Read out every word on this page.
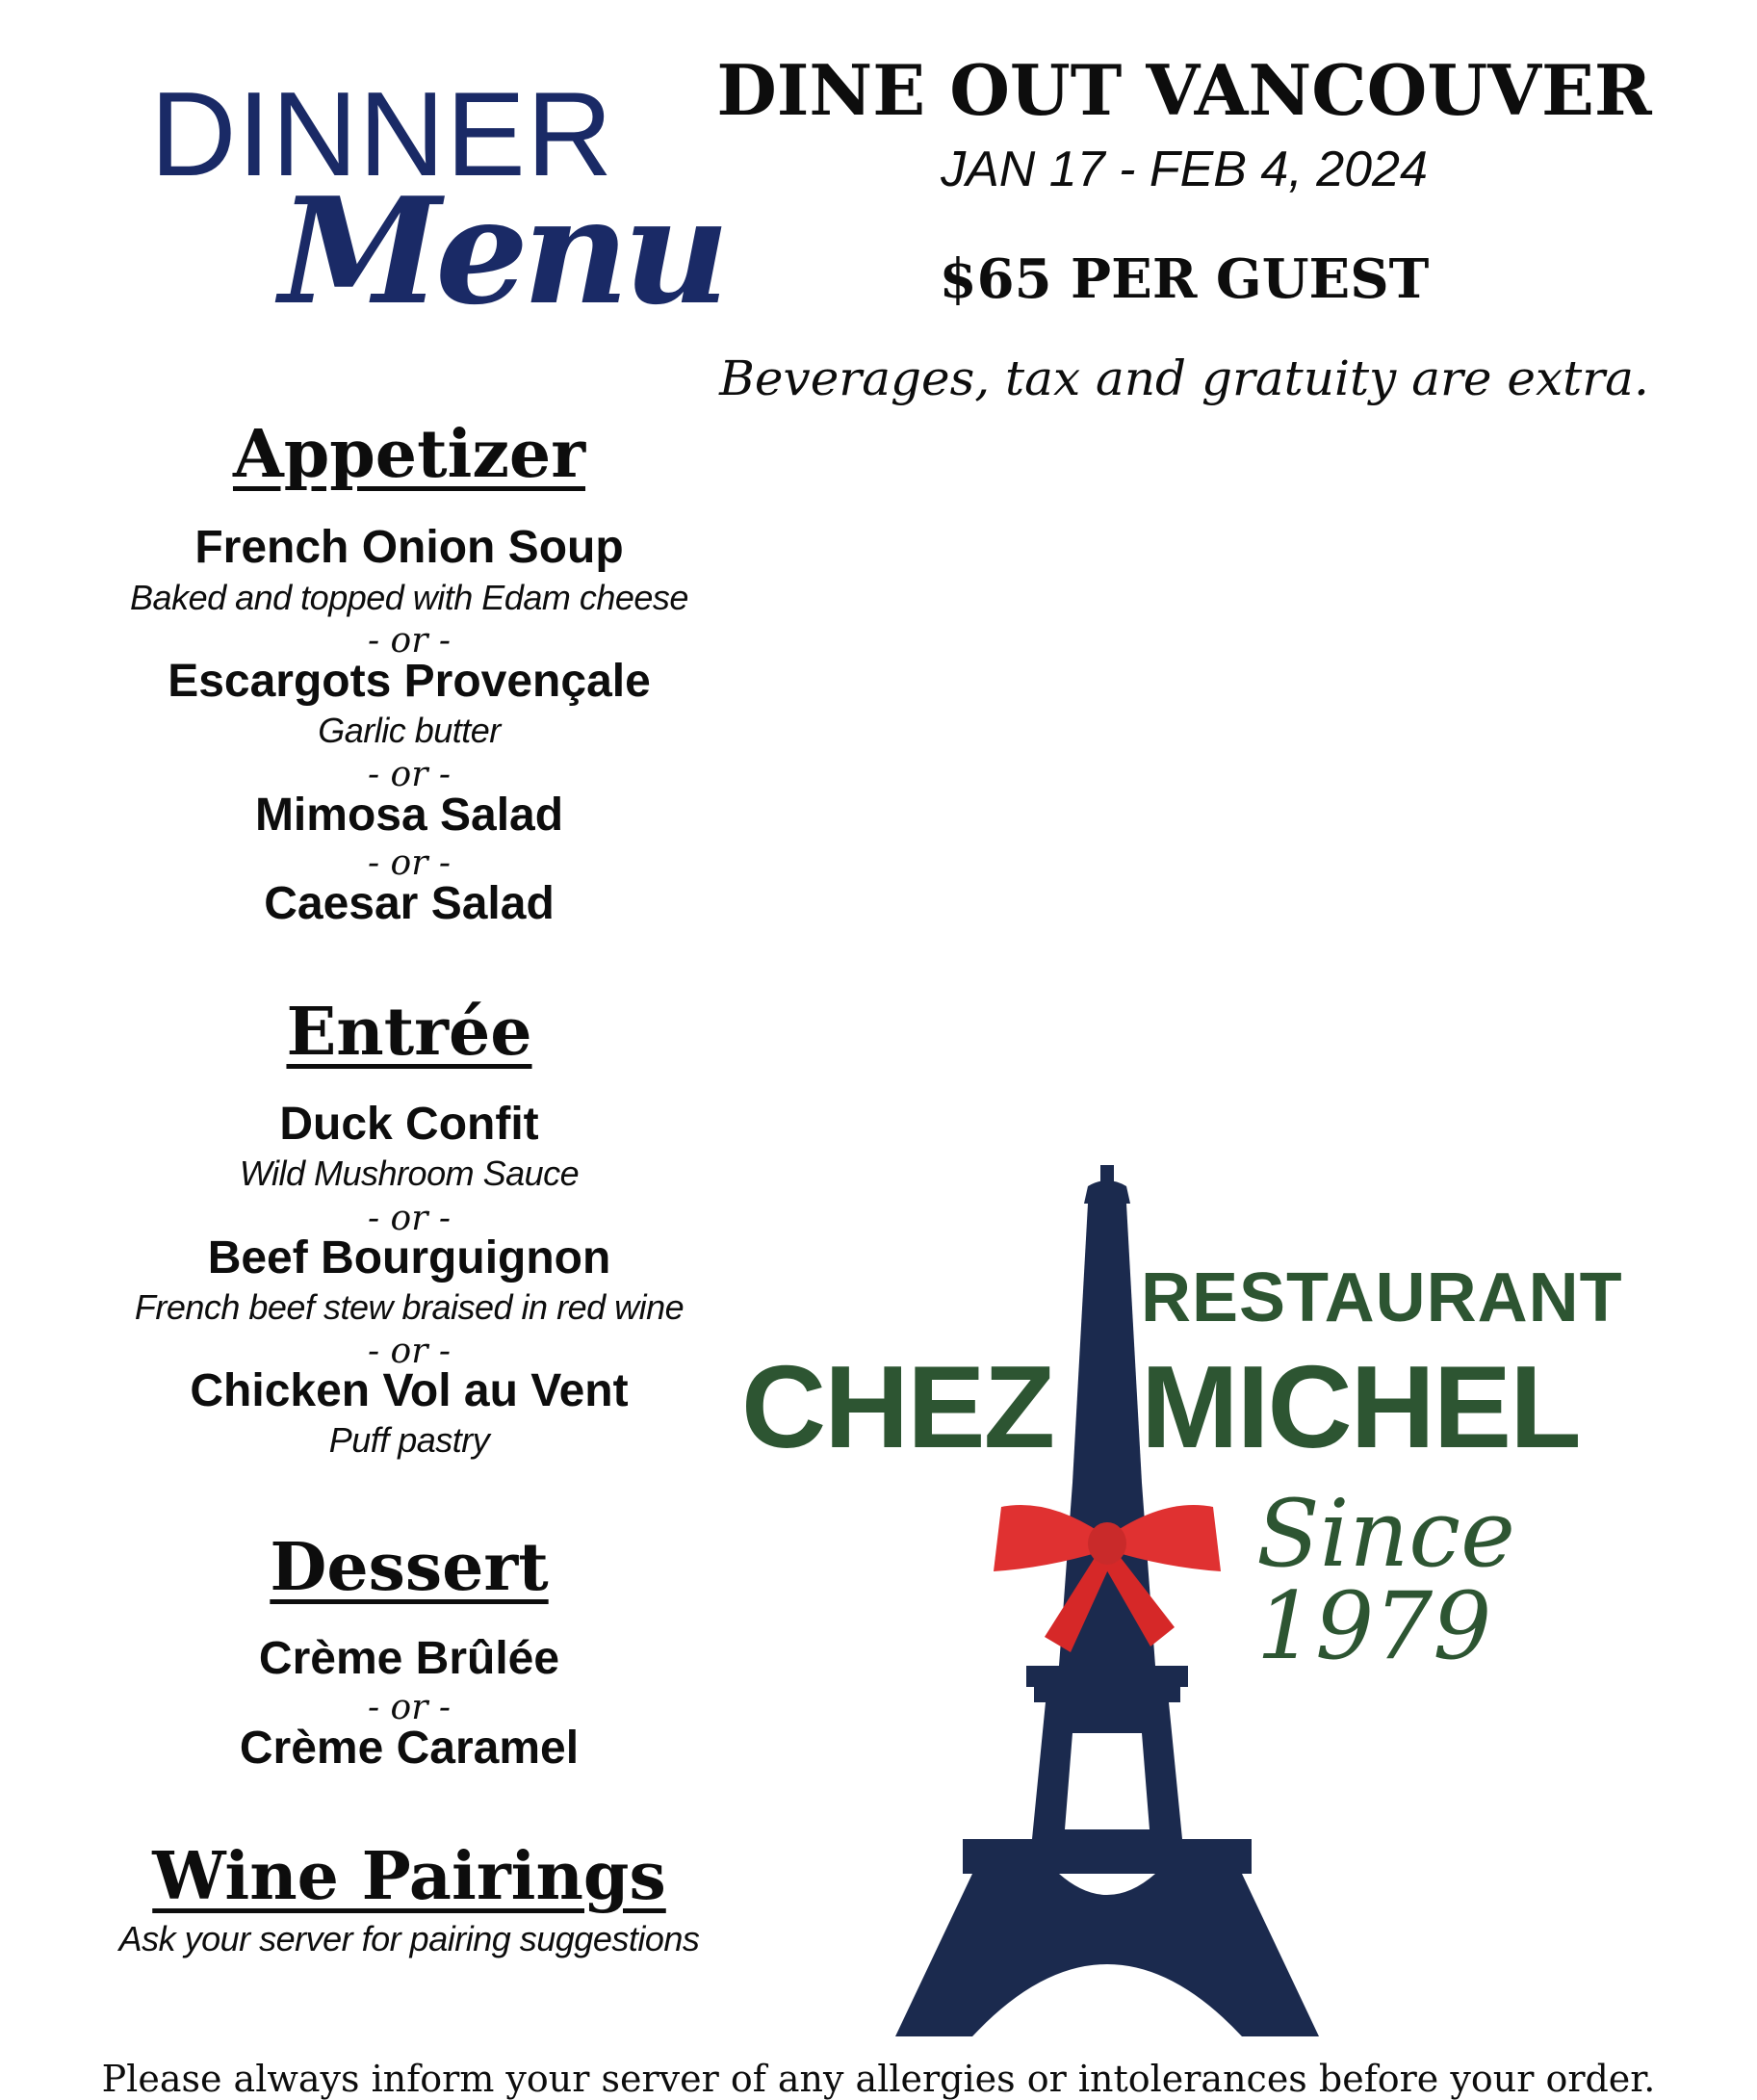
DINNER
Menu
DINE OUT VANCOUVER
JAN 17 - FEB 4, 2024
$65 PER GUEST
Beverages, tax and gratuity are extra.
Appetizer
French Onion Soup
Baked and topped with Edam cheese
- or -
Escargots Provençale
Garlic butter
- or -
Mimosa Salad
- or -
Caesar Salad
Entrée
Duck Confit
Wild Mushroom Sauce
- or -
Beef Bourguignon
French beef stew braised in red wine
- or -
Chicken Vol au Vent
Puff pastry
Dessert
Crème Brûlée
- or -
Crème Caramel
Wine Pairings
Ask your server for pairing suggestions
RESTAURANT
CHEZ MICHEL
Since 1979
Please always inform your server of any allergies or intolerances before your order.
